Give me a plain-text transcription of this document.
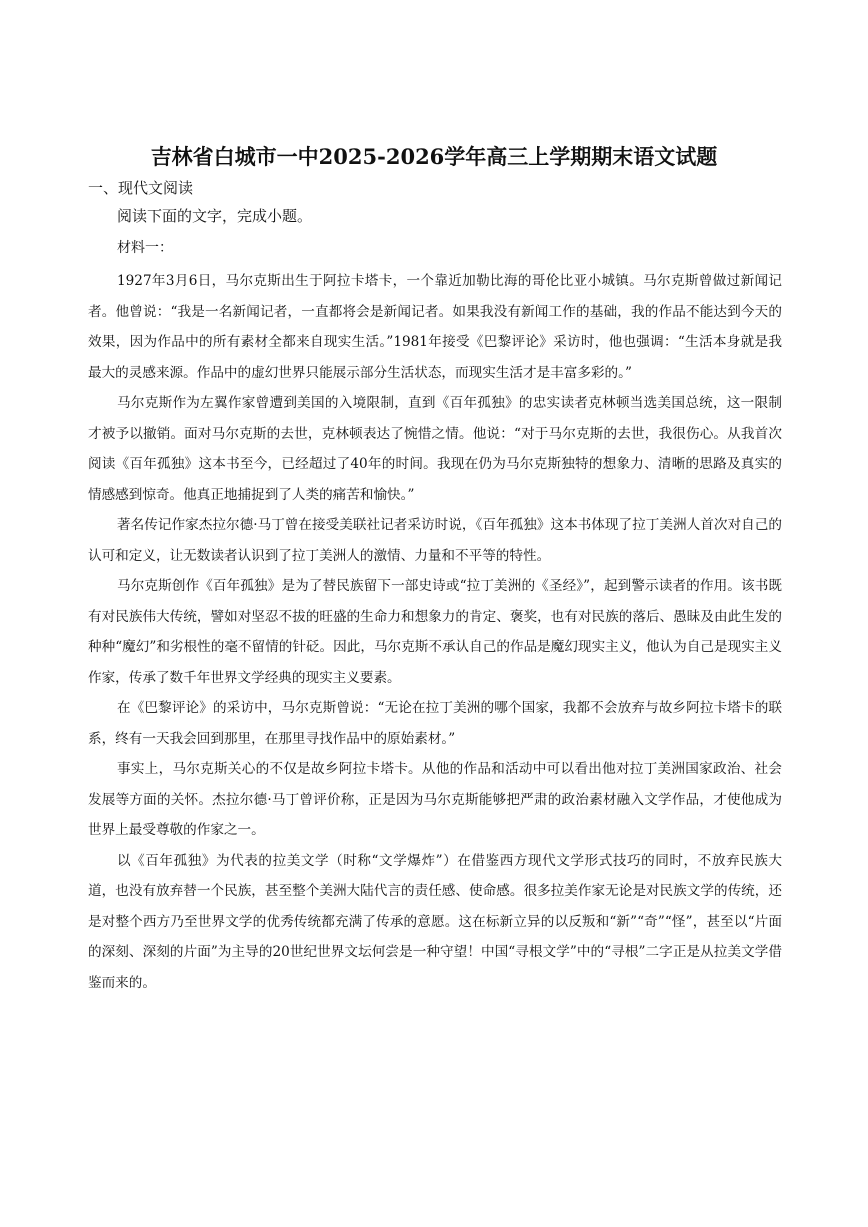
吉林省白城市一中2025-2026学年高三上学期期末语文试题
一、现代文阅读
阅读下面的文字，完成小题。
材料一：

1927年3月6日，马尔克斯出生于阿拉卡塔卡，一个靠近加勒比海的哥伦比亚小城镇。马尔克斯曾做过新闻记者。他曾说：“我是一名新闻记者，一直都将会是新闻记者。如果我没有新闻工作的基础，我的作品不能达到今天的效果，因为作品中的所有素材全都来自现实生活。”1981年接受《巴黎评论》采访时，他也强调：“生活本身就是我最大的灵感来源。作品中的虚幻世界只能展示部分生活状态，而现实生活才是丰富多彩的。”

马尔克斯作为左翼作家曾遭到美国的入境限制，直到《百年孤独》的忠实读者克林顿当选美国总统，这一限制才被予以撤销。面对马尔克斯的去世，克林顿表达了惋惜之情。他说：“对于马尔克斯的去世，我很伤心。从我首次阅读《百年孤独》这本书至今，已经超过了40年的时间。我现在仍为马尔克斯独特的想象力、清晰的思路及真实的情感感到惊奇。他真正地捕捉到了人类的痛苦和愉快。”

著名传记作家杰拉尔德·马丁曾在接受美联社记者采访时说，《百年孤独》这本书体现了拉丁美洲人首次对自己的认可和定义，让无数读者认识到了拉丁美洲人的激情、力量和不平等的特性。

马尔克斯创作《百年孤独》是为了替民族留下一部史诗或“拉丁美洲的《圣经》”，起到警示读者的作用。该书既有对民族伟大传统，譬如对坚忍不拔的旺盛的生命力和想象力的肯定、褒奖，也有对民族的落后、愚昧及由此生发的种种“魔幻”和劣根性的毫不留情的针砭。因此，马尔克斯不承认自己的作品是魔幻现实主义，他认为自己是现实主义作家，传承了数千年世界文学经典的现实主义要素。

在《巴黎评论》的采访中，马尔克斯曾说：“无论在拉丁美洲的哪个国家，我都不会放弃与故乡阿拉卡塔卡的联系，终有一天我会回到那里，在那里寻找作品中的原始素材。”

事实上，马尔克斯关心的不仅是故乡阿拉卡塔卡。从他的作品和活动中可以看出他对拉丁美洲国家政治、社会发展等方面的关怀。杰拉尔德·马丁曾评价称，正是因为马尔克斯能够把严肃的政治素材融入文学作品，才使他成为世界上最受尊敬的作家之一。

以《百年孤独》为代表的拉美文学（时称“文学爆炸”）在借鉴西方现代文学形式技巧的同时，不放弃民族大道，也没有放弃替一个民族，甚至整个美洲大陆代言的责任感、使命感。很多拉美作家无论是对民族文学的传统，还是对整个西方乃至世界文学的优秀传统都充满了传承的意愿。这在标新立异的以反叛和“新”“奇”“怪”，甚至以“片面的深刻、深刻的片面”为主导的20世纪世界文坛何尝是一种守望！中国“寻根文学”中的“寻根”二字正是从拉美文学借鉴而来的。
